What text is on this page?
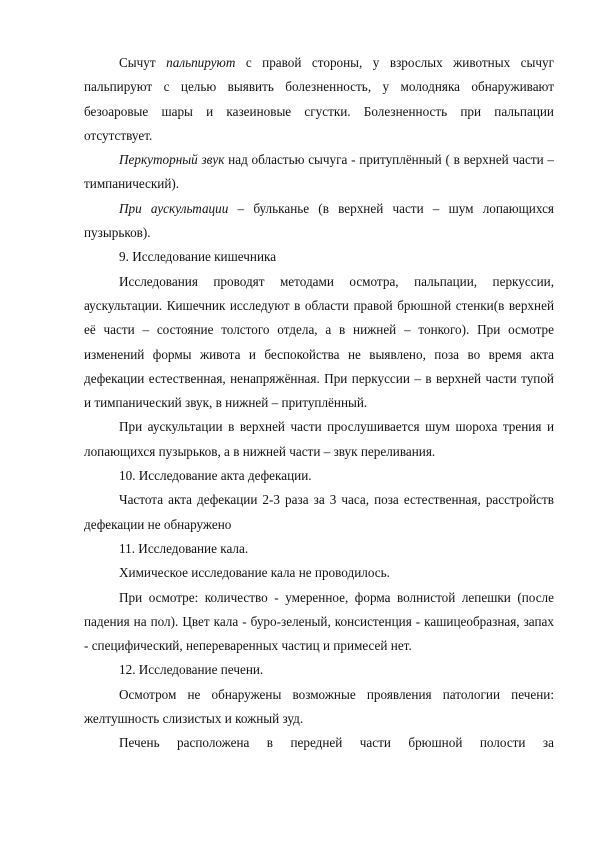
Сычут пальпируют с правой стороны, у взрослых животных сычуг пальпируют с целью выявить болезненность, у молодняка обнаруживают безоаровые шары и казеиновые сгустки. Болезненность при пальпации отсутствует.

Перкуторный звук над областью сычуга - притуплённый ( в верхней части – тимпанический).

При аускультации – бульканье (в верхней части – шум лопающихся пузырьков).

9. Исследование кишечника

Исследования проводят методами осмотра, пальпации, перкуссии, аускультации. Кишечник исследуют в области правой брюшной стенки(в верхней её части – состояние толстого отдела, а в нижней – тонкого). При осмотре изменений формы живота и беспокойства не выявлено, поза во время акта дефекации естественная, ненапряжённая. При перкуссии – в верхней части тупой и тимпанический звук, в нижней – притуплённый.

При аускультации в верхней части прослушивается шум шороха трения и лопающихся пузырьков, а в нижней части – звук переливания.

10. Исследование акта дефекации.

Частота акта дефекации 2-3 раза за 3 часа, поза естественная, расстройств дефекации не обнаружено

11. Исследование кала.

Химическое исследование кала не проводилось.

При осмотре: количество - умеренное, форма волнистой лепешки (после падения на пол). Цвет кала - буро-зеленый, консистенция - кашицеобразная, запах - специфический, непереваренных частиц и примесей нет.

12. Исследование печени.

Осмотром не обнаружены возможные проявления патологии печени: желтушность слизистых и кожный зуд.

Печень расположена в передней части брюшной полости за
